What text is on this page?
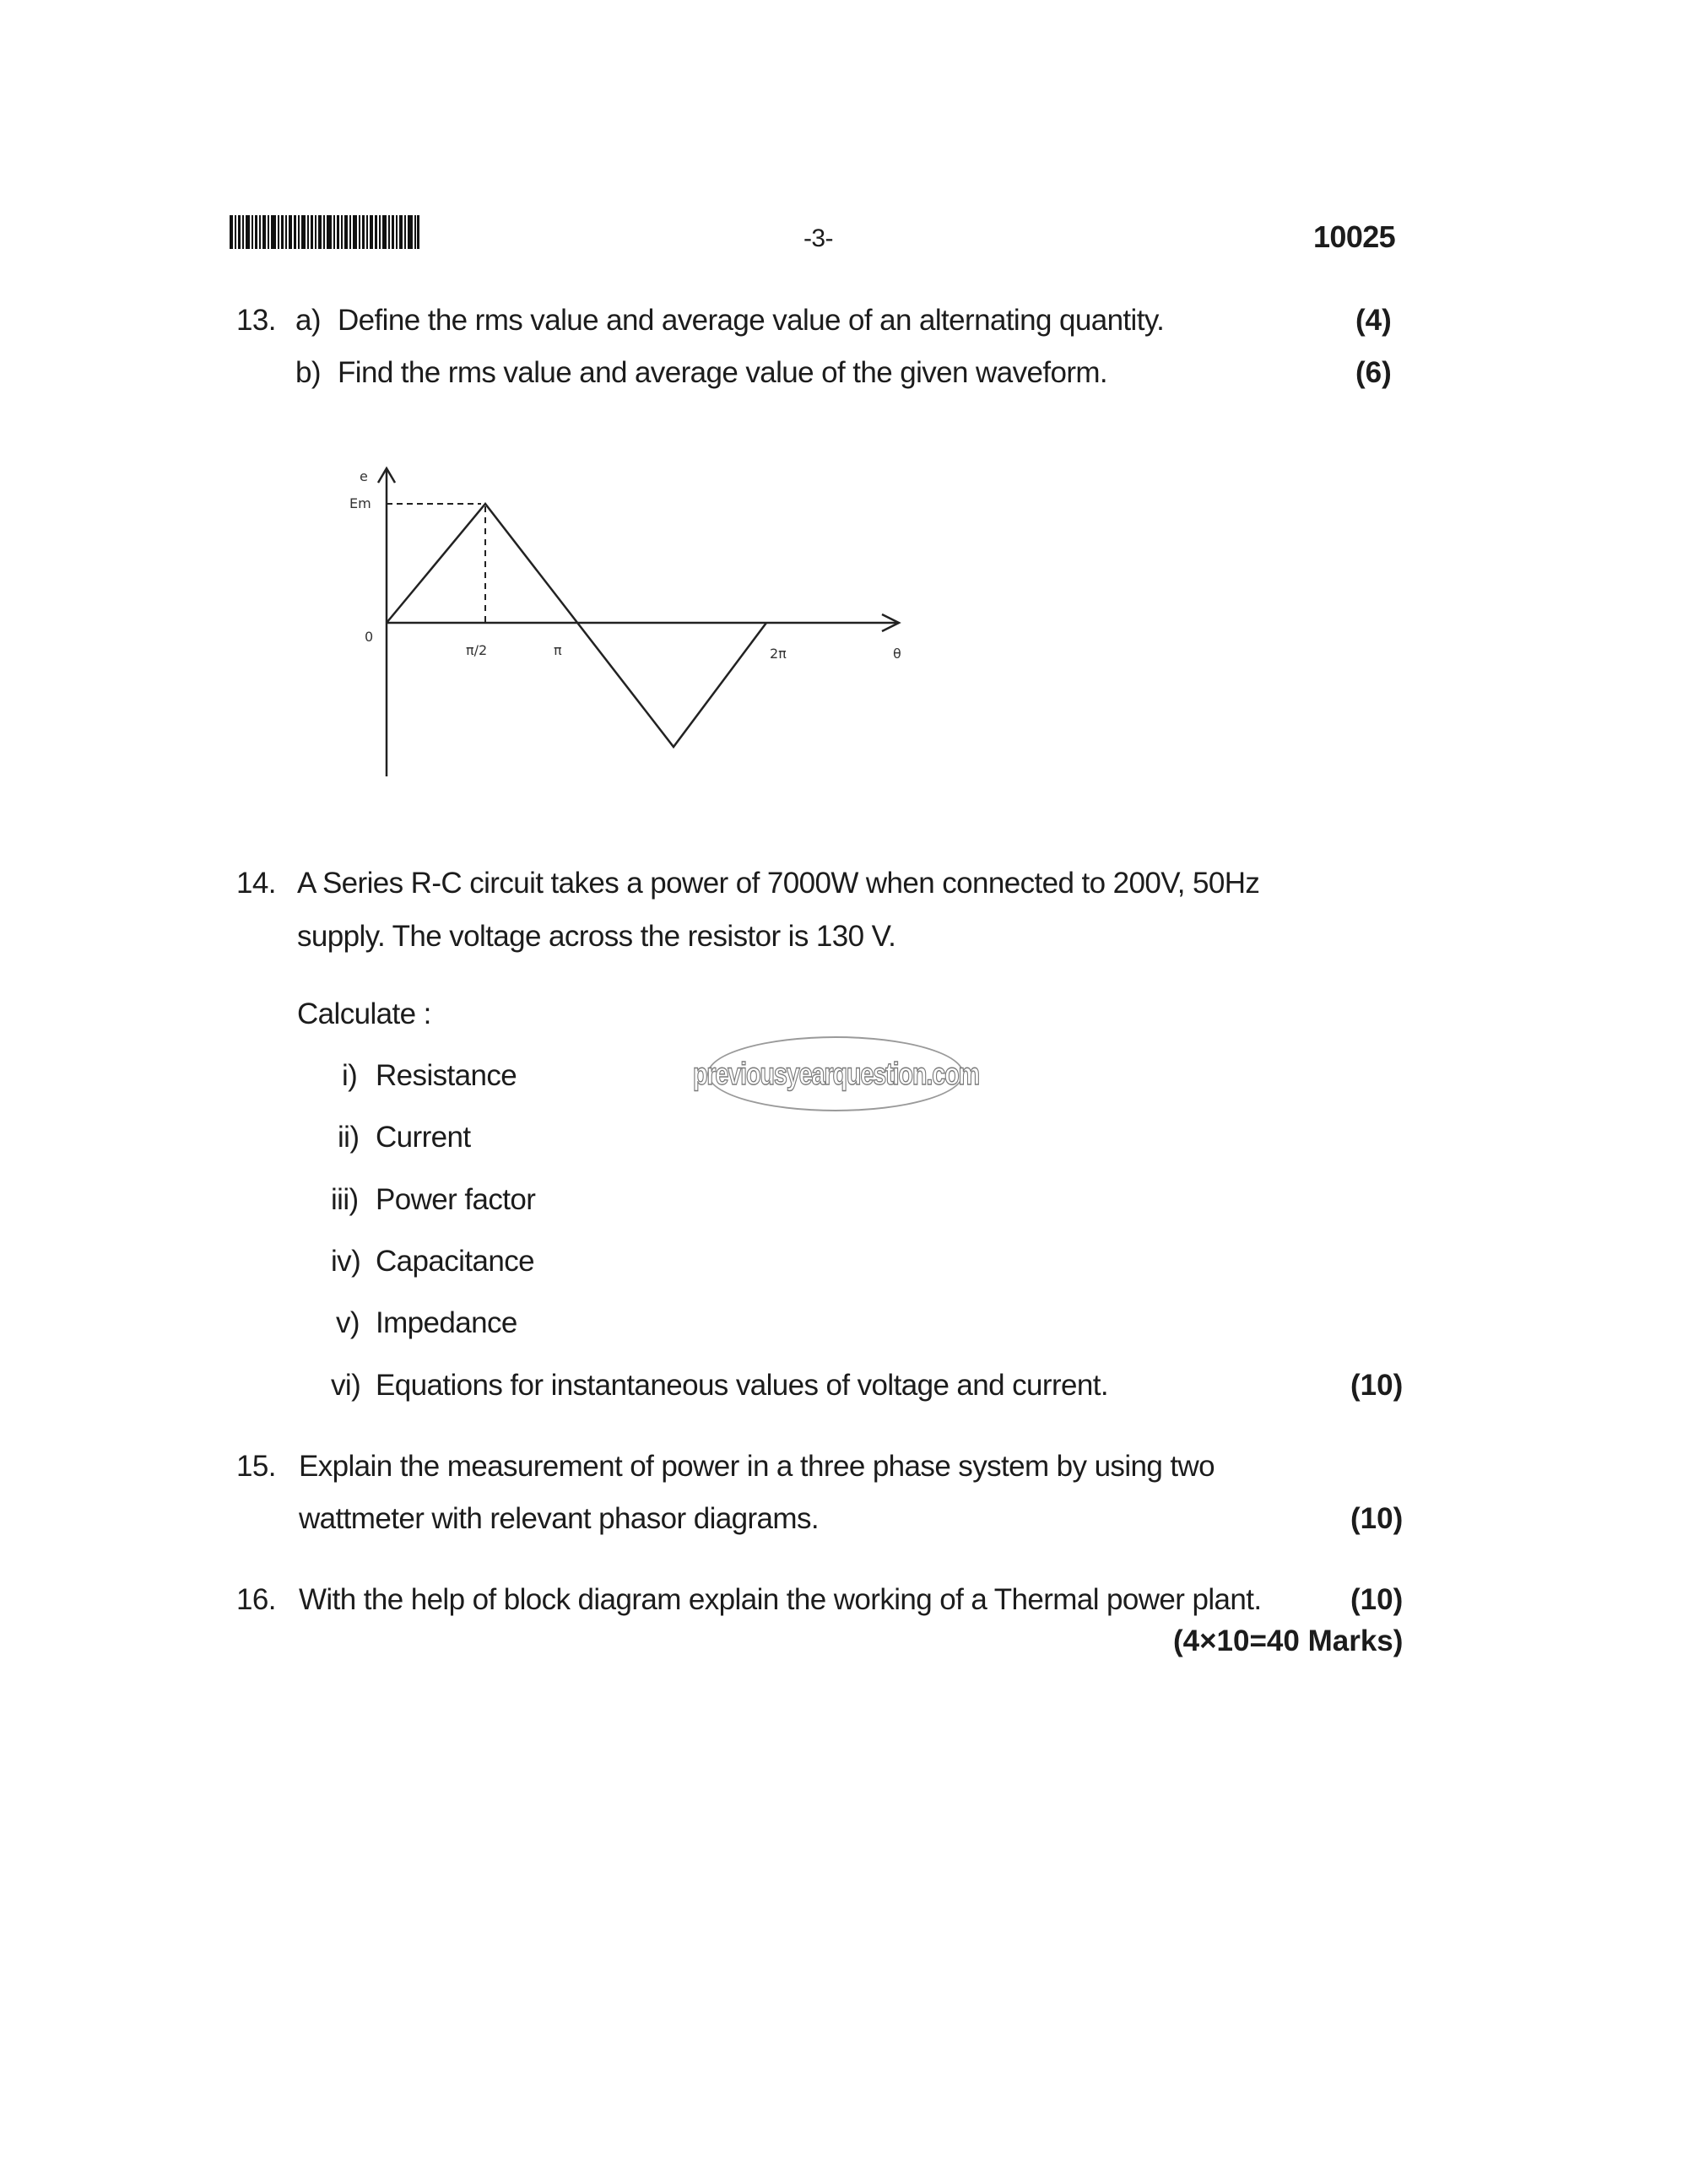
-3-	10025
13. a) Define the rms value and average value of an alternating quantity.	(4)
b) Find the rms value and average value of the given waveform.	(6)
e
Em
0
π/2	π	2π	θ
14. A Series R-C circuit takes a power of 7000W when connected to 200V, 50Hz
supply. The voltage across the resistor is 130 V.
Calculate :
i) Resistance
ii) Current
iii) Power factor
iv) Capacitance
v) Impedance
vi) Equations for instantaneous values of voltage and current.	(10)
previousyearquestion.com
15. Explain the measurement of power in a three phase system by using two
wattmeter with relevant phasor diagrams.	(10)
16. With the help of block diagram explain the working of a Thermal power plant.	(10)
(4×10=40 Marks)
